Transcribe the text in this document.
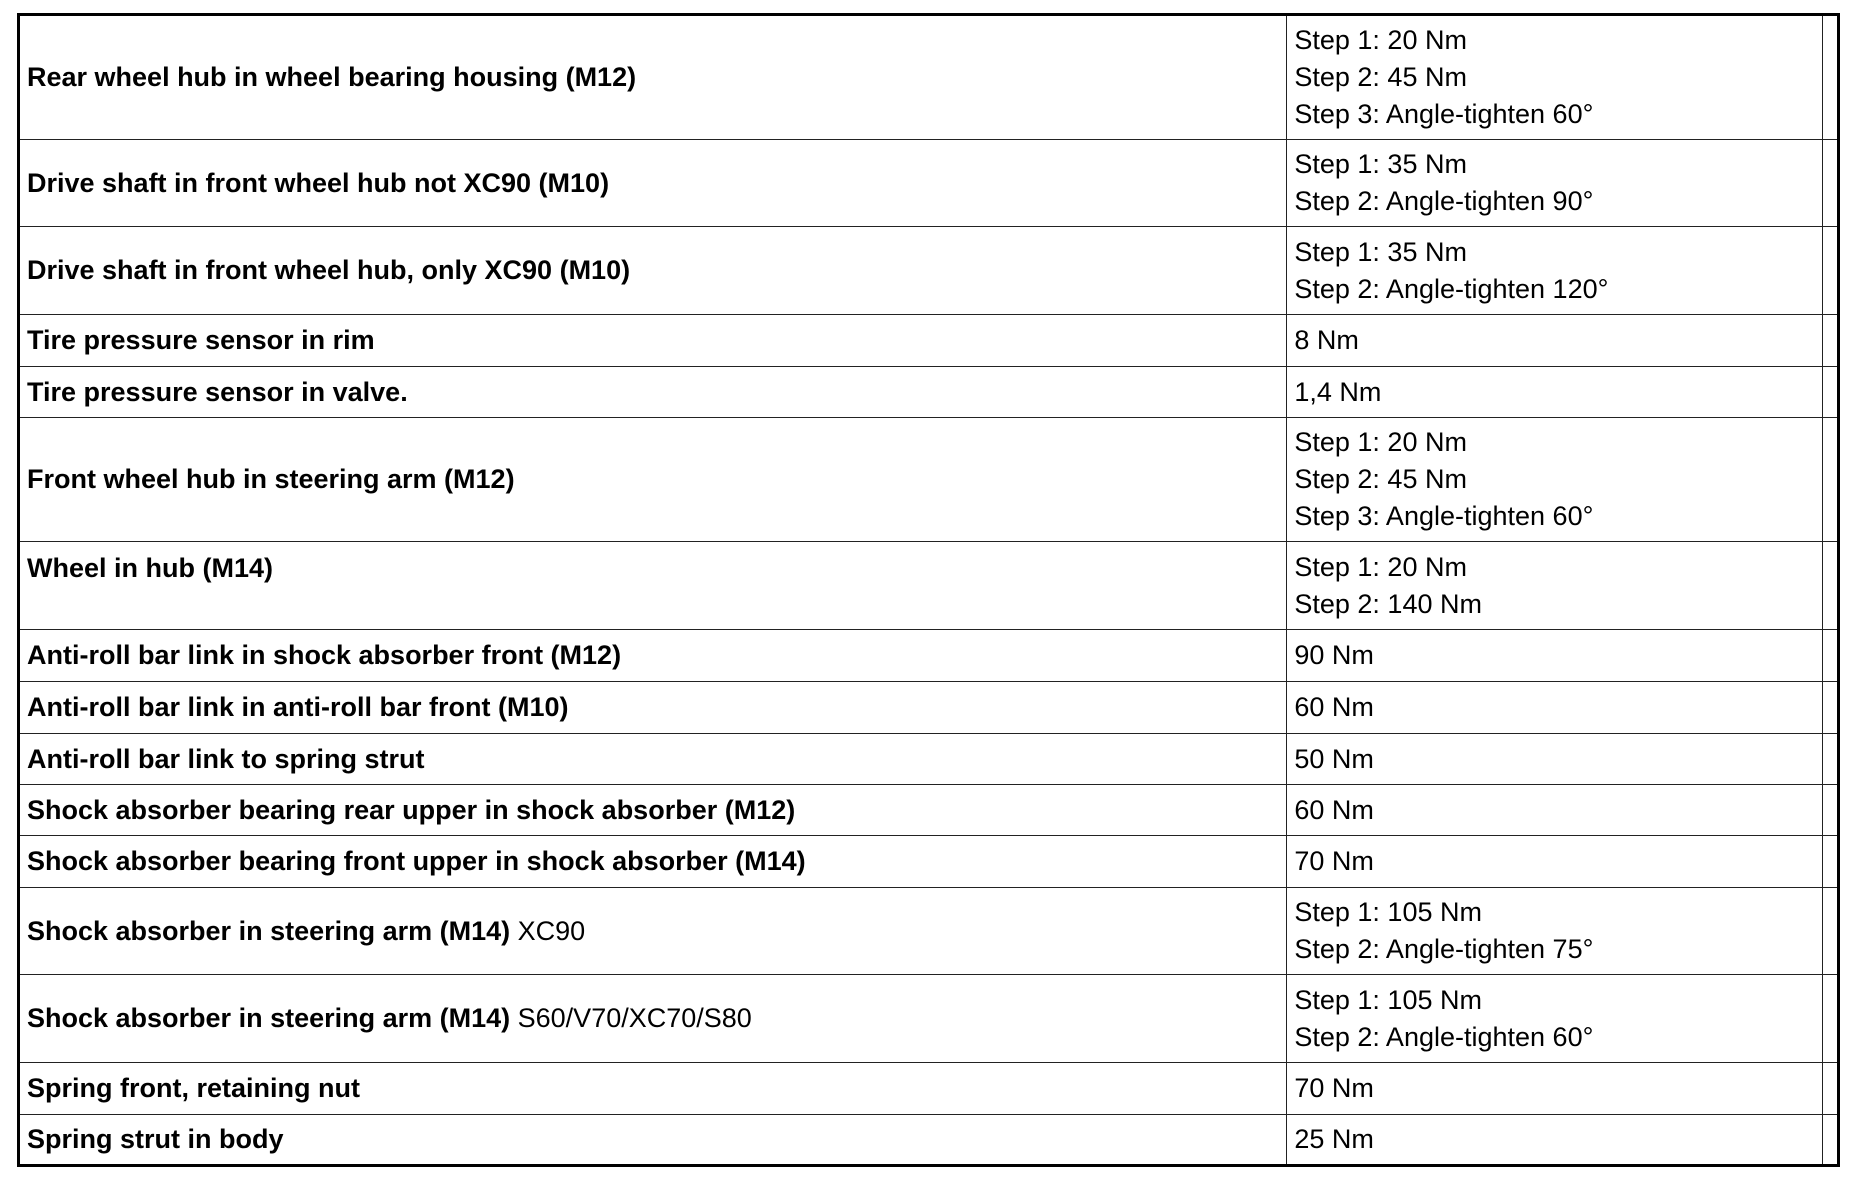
Rear wheel hub in wheel bearing housing (M12)	Step 1: 20 Nm
Step 2: 45 Nm
Step 3: Angle-tighten 60°	

Drive shaft in front wheel hub not XC90 (M10)	Step 1: 35 Nm
Step 2: Angle-tighten 90°	

Drive shaft in front wheel hub, only XC90 (M10)	Step 1: 35 Nm
Step 2: Angle-tighten 120°	

Tire pressure sensor in rim	8 Nm	

Tire pressure sensor in valve.	1,4 Nm	

Front wheel hub in steering arm (M12)	Step 1: 20 Nm
Step 2: 45 Nm
Step 3: Angle-tighten 60°	

Wheel in hub (M14)	Step 1: 20 Nm
Step 2: 140 Nm	

Anti-roll bar link in shock absorber front (M12)	90 Nm	

Anti-roll bar link in anti-roll bar front (M10)	60 Nm	

Anti-roll bar link to spring strut	50 Nm	

Shock absorber bearing rear upper in shock absorber (M12)	60 Nm	

Shock absorber bearing front upper in shock absorber (M14)	70 Nm	

Shock absorber in steering arm (M14) XC90	Step 1: 105 Nm
Step 2: Angle-tighten 75°	

Shock absorber in steering arm (M14) S60/V70/XC70/S80	Step 1: 105 Nm
Step 2: Angle-tighten 60°	

Spring front, retaining nut	70 Nm	

Spring strut in body	25 Nm	
